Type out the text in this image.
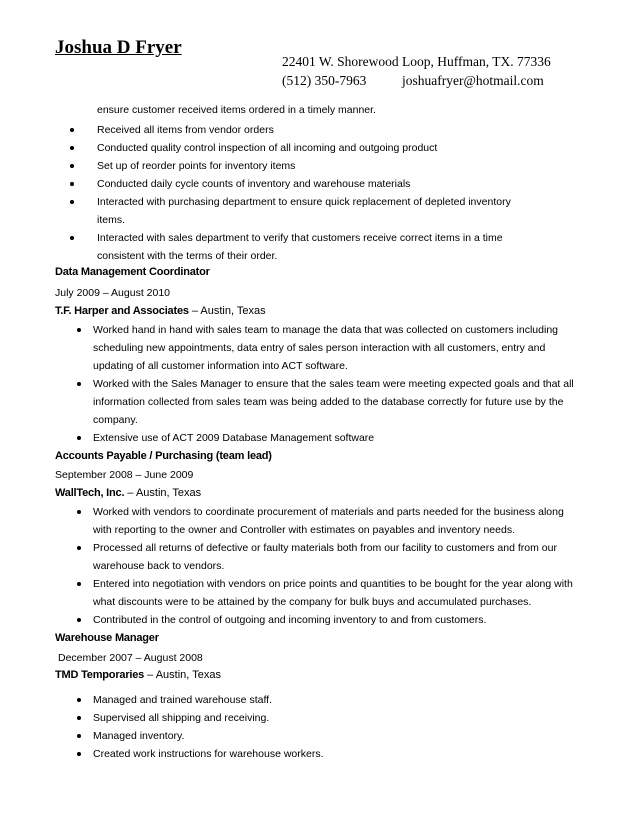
Joshua D Fryer
22401 W. Shorewood Loop, Huffman, TX. 77336
(512) 350-7963	joshuafryer@hotmail.com
ensure customer received items ordered in a timely manner.
Received all items from vendor orders
Conducted quality control inspection of all incoming and outgoing product
Set up of reorder points for inventory items
Conducted daily cycle counts of inventory and warehouse materials
Interacted with purchasing department to ensure quick replacement of depleted inventory items.
Interacted with sales department to verify that customers receive correct items in a time consistent with the terms of their order.
Data Management Coordinator
July 2009 – August 2010
T.F. Harper and Associates – Austin, Texas
Worked hand in hand with sales team to manage the data that was collected on customers including scheduling new appointments, data entry of sales person interaction with all customers, entry and updating of all customer information into ACT software.
Worked with the Sales Manager to ensure that the sales team were meeting expected goals and that all information collected from sales team was being added to the database correctly for future use by the company.
Extensive use of ACT 2009 Database Management software
Accounts Payable / Purchasing (team lead)
September 2008 – June 2009
WallTech, Inc. – Austin, Texas
Worked with vendors to coordinate procurement of materials and parts needed for the business along with reporting to the owner and Controller with estimates on payables and inventory needs.
Processed all returns of defective or faulty materials both from our facility to customers and from our warehouse back to vendors.
Entered into negotiation with vendors on price points and quantities to be bought for the year along with what discounts were to be attained by the company for bulk buys and accumulated purchases.
Contributed in the control of outgoing and incoming inventory to and from customers.
Warehouse Manager
December 2007 – August 2008
TMD Temporaries – Austin, Texas
Managed and trained warehouse staff.
Supervised all shipping and receiving.
Managed inventory.
Created work instructions for warehouse workers.
